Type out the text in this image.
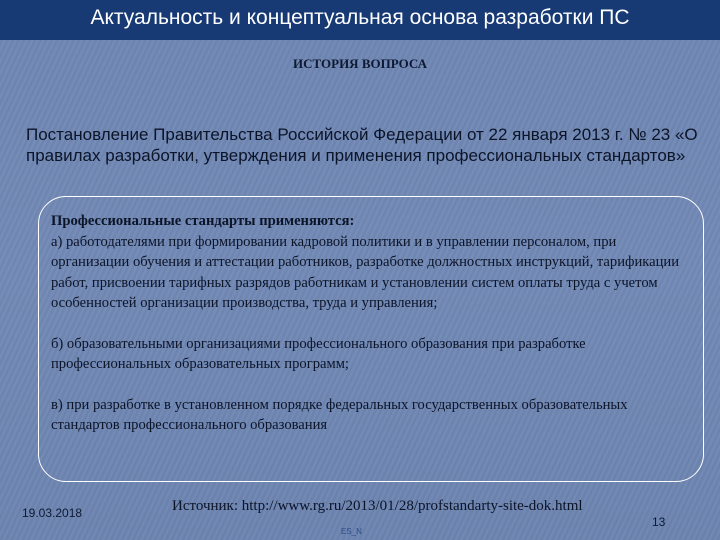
Актуальность и концептуальная основа разработки ПС
ИСТОРИЯ ВОПРОСА
Постановление Правительства Российской Федерации от 22 января 2013 г. № 23 «О правилах разработки, утверждения и применения профессиональных стандартов»

Профессиональные стандарты применяются:

а) работодателями при формировании кадровой политики и в управлении персоналом, при организации обучения и аттестации работников, разработке должностных инструкций, тарификации работ, присвоении тарифных разрядов работникам и установлении систем оплаты труда с учетом особенностей организации производства, труда и управления;

б) образовательными организациями профессионального образования при разработке профессиональных образовательных программ;

в) при разработке в установленном порядке федеральных государственных образовательных стандартов профессионального образования

19.03.2018	Источник: http://www.rg.ru/2013/01/28/profstandarty-site-dok.html
13
ES_N
